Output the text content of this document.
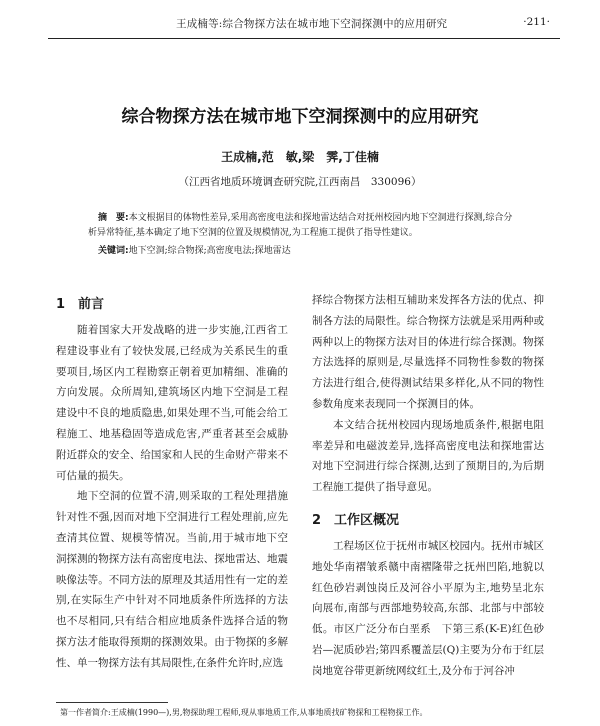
王成楠等:综合物探方法在城市地下空洞探测中的应用研究	·211·
综合物探方法在城市地下空洞探测中的应用研究
王成楠,范　敏,梁　霁,丁佳楠
（江西省地质环境调查研究院,江西南昌　330096）
摘　要:本文根据目的体物性差异,采用高密度电法和探地雷达结合对抚州校园内地下空洞进行探测,综合分析异常特征,基本确定了地下空洞的位置及规模情况,为工程施工提供了指导性建议。
关键词:地下空洞;综合物探;高密度电法;探地雷达
1 前言

随着国家大开发战略的进一步实施,江西省工程建设事业有了较快发展,已经成为关系民生的重要项目,场区内工程勘察正朝着更加精细、准确的方向发展。众所周知,建筑场区内地下空洞是工程建设中不良的地质隐患,如果处理不当,可能会给工程施工、地基稳固等造成危害,严重者甚至会威胁附近群众的安全、给国家和人民的生命财产带来不可估量的损失。

地下空洞的位置不清,则采取的工程处理措施针对性不强,因而对地下空洞进行工程处理前,应先查清其位置、规模等情况。当前,用于城市地下空洞探测的物探方法有高密度电法、探地雷达、地震映像法等。不同方法的原理及其适用性有一定的差别,在实际生产中针对不同地质条件所选择的方法也不尽相同,只有结合相应地质条件选择合适的物探方法才能取得预期的探测效果。由于物探的多解性、单一物探方法有其局限性,在条件允许时,应选

择综合物探方法相互辅助来发挥各方法的优点、抑制各方法的局限性。综合物探方法就是采用两种或两种以上的物探方法对目的体进行综合探测。物探方法选择的原则是,尽量选择不同物性参数的物探方法进行组合,使得测试结果多样化,从不同的物性参数角度来表现同一个探测目的体。

本文结合抚州校园内现场地质条件,根据电阻率差异和电磁波差异,选择高密度电法和探地雷达对地下空洞进行综合探测,达到了预期目的,为后期工程施工提供了指导意见。

2 工作区概况

工程场区位于抚州市城区校园内。抚州市城区地处华南褶皱系赣中南褶隆带之抚州凹陷,地貌以红色砂岩剥蚀岗丘及河谷小平原为主,地势呈北东向展布,南部与西部地势较高,东部、北部与中部较低。市区广泛分布白垩系　下第三系(K-E)红色砂岩—泥质砂岩;第四系覆盖层(Q)主要为分布于红层岗地宽谷带更新统网纹红土,及分布于河谷冲

第一作者简介:王成楠(1990—),男,物探助理工程师,现从事地质工作,从事地质找矿物探和工程物探工作。
